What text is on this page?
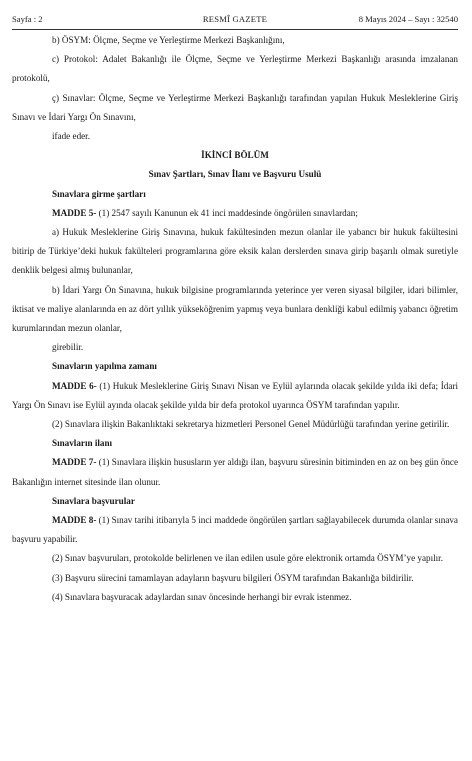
Sayfa : 2	RESMÎ GAZETE	8 Mayıs 2024 – Sayı : 32540

b) ÖSYM: Ölçme, Seçme ve Yerleştirme Merkezi Başkanlığını,

c) Protokol: Adalet Bakanlığı ile Ölçme, Seçme ve Yerleştirme Merkezi Başkanlığı arasında imzalanan protokolü,

ç) Sınavlar: Ölçme, Seçme ve Yerleştirme Merkezi Başkanlığı tarafından yapılan Hukuk Mesleklerine Giriş Sınavı ve İdari Yargı Ön Sınavını,

ifade eder.

İKİNCİ BÖLÜM

Sınav Şartları, Sınav İlanı ve Başvuru Usulü

Sınavlara girme şartları

MADDE 5- (1) 2547 sayılı Kanunun ek 41 inci maddesinde öngörülen sınavlardan;

a) Hukuk Mesleklerine Giriş Sınavına, hukuk fakültesinden mezun olanlar ile yabancı bir hukuk fakültesini bitirip de Türkiye’deki hukuk fakülteleri programlarına göre eksik kalan derslerden sınava girip başarılı olmak suretiyle denklik belgesi almış bulunanlar,

b) İdari Yargı Ön Sınavına, hukuk bilgisine programlarında yeterince yer veren siyasal bilgiler, idari bilimler, iktisat ve maliye alanlarında en az dört yıllık yükseköğrenim yapmış veya bunlara denkliği kabul edilmiş yabancı öğretim kurumlarından mezun olanlar,

girebilir.

Sınavların yapılma zamanı

MADDE 6- (1) Hukuk Mesleklerine Giriş Sınavı Nisan ve Eylül aylarında olacak şekilde yılda iki defa; İdari Yargı Ön Sınavı ise Eylül ayında olacak şekilde yılda bir defa protokol uyarınca ÖSYM tarafından yapılır.

(2) Sınavlara ilişkin Bakanlıktaki sekretarya hizmetleri Personel Genel Müdürlüğü tarafından yerine getirilir.

Sınavların ilanı

MADDE 7- (1) Sınavlara ilişkin hususların yer aldığı ilan, başvuru süresinin bitiminden en az on beş gün önce Bakanlığın internet sitesinde ilan olunur.

Sınavlara başvurular

MADDE 8- (1) Sınav tarihi itibarıyla 5 inci maddede öngörülen şartları sağlayabilecek durumda olanlar sınava başvuru yapabilir.

(2) Sınav başvuruları, protokolde belirlenen ve ilan edilen usule göre elektronik ortamda ÖSYM’ye yapılır.

(3) Başvuru sürecini tamamlayan adayların başvuru bilgileri ÖSYM tarafından Bakanlığa bildirilir.

(4) Sınavlara başvuracak adaylardan sınav öncesinde herhangi bir evrak istenmez.
